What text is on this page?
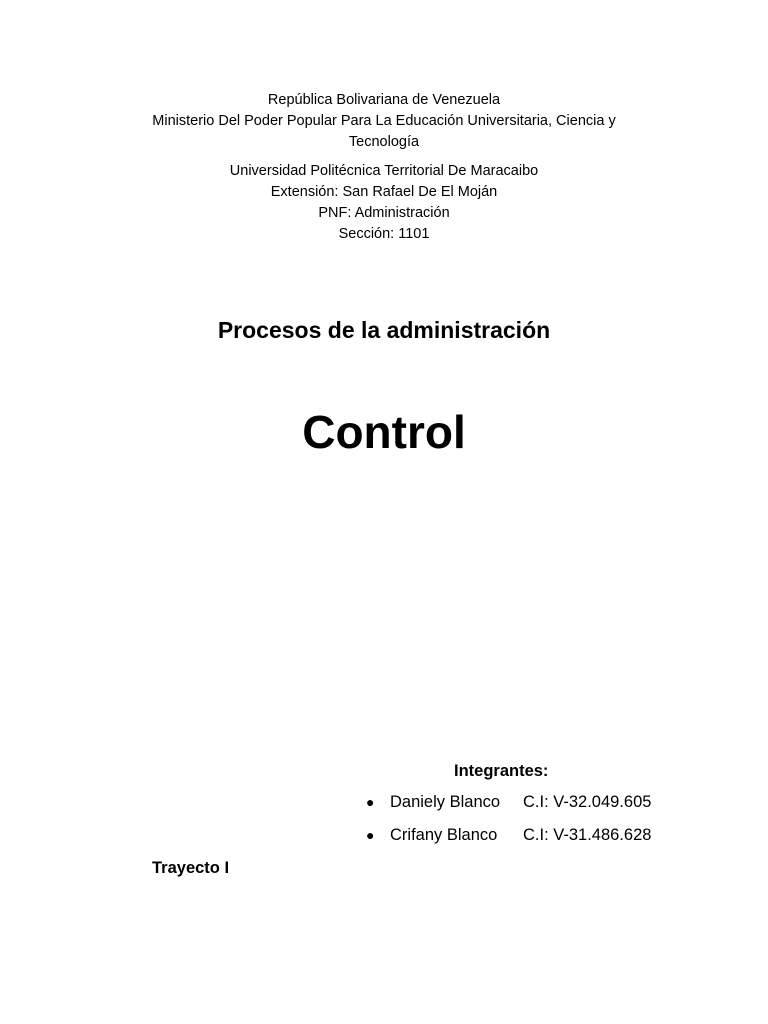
República Bolivariana de Venezuela
Ministerio Del Poder Popular Para La Educación Universitaria, Ciencia y
Tecnología
Universidad Politécnica Territorial De Maracaibo
Extensión: San Rafael De El Moján
PNF: Administración
Sección: 1101
Procesos de la administración
Control
Integrantes:
● Daniely Blanco C.I: V-32.049.605
● Crifany Blanco C.I: V-31.486.628
Trayecto I
